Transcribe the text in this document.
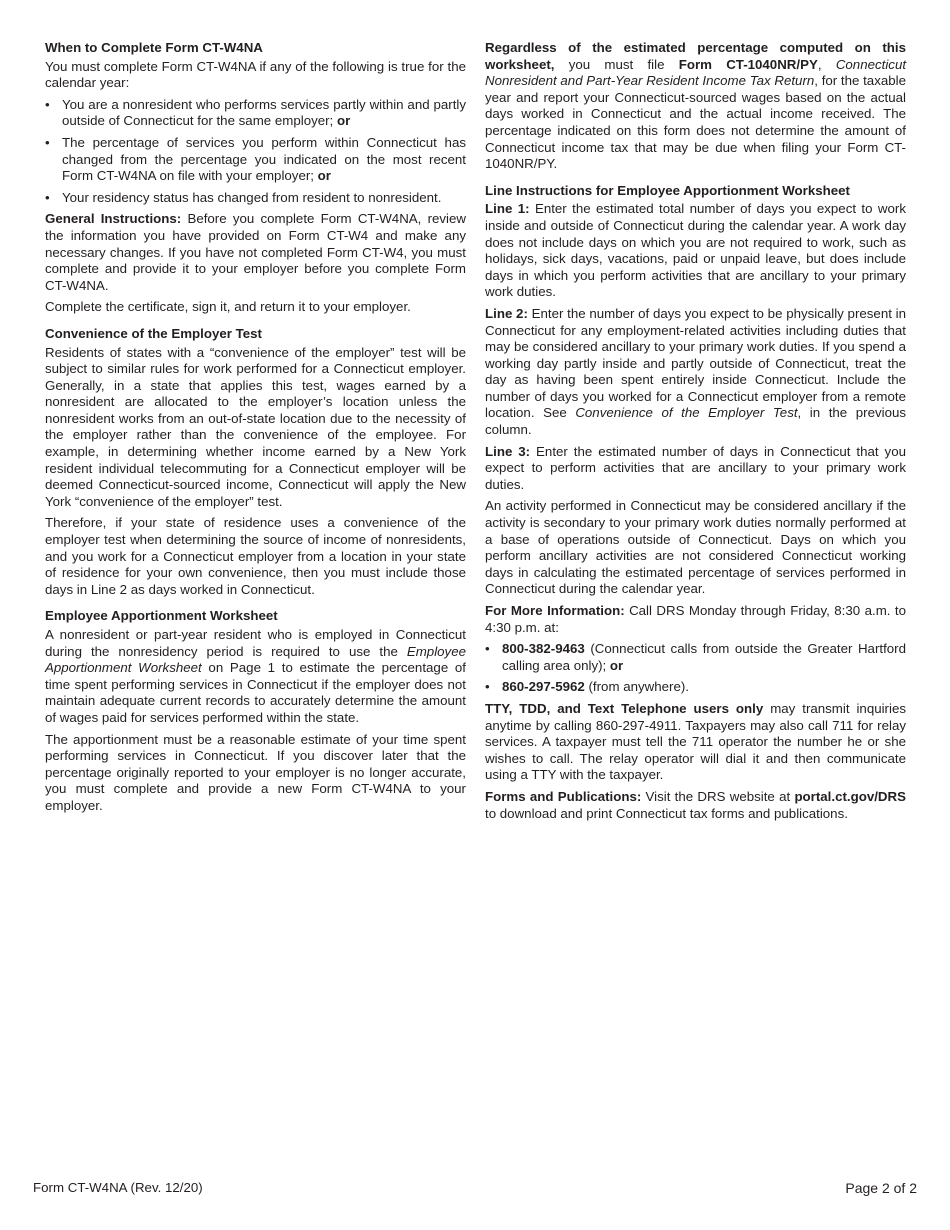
When to Complete Form CT-W4NA

You must complete Form CT-W4NA if any of the following is true for the calendar year:

• You are a nonresident who performs services partly within and partly outside of Connecticut for the same employer; or
• The percentage of services you perform within Connecticut has changed from the percentage you indicated on the most recent Form CT-W4NA on file with your employer; or
• Your residency status has changed from resident to nonresident.

General Instructions: Before you complete Form CT-W4NA, review the information you have provided on Form CT-W4 and make any necessary changes. If you have not completed Form CT-W4, you must complete and provide it to your employer before you complete Form CT-W4NA.

Complete the certificate, sign it, and return it to your employer.

Convenience of the Employer Test

Residents of states with a “convenience of the employer” test will be subject to similar rules for work performed for a Connecticut employer. Generally, in a state that applies this test, wages earned by a nonresident are allocated to the employer’s location unless the nonresident works from an out-of-state location due to the necessity of the employer rather than the convenience of the employee. For example, in determining whether income earned by a New York resident individual telecommuting for a Connecticut employer will be deemed Connecticut-sourced income, Connecticut will apply the New York “convenience of the employer” test.

Therefore, if your state of residence uses a convenience of the employer test when determining the source of income of nonresidents, and you work for a Connecticut employer from a location in your state of residence for your own convenience, then you must include those days in Line 2 as days worked in Connecticut.

Employee Apportionment Worksheet

A nonresident or part-year resident who is employed in Connecticut during the nonresidency period is required to use the Employee Apportionment Worksheet on Page 1 to estimate the percentage of time spent performing services in Connecticut if the employer does not maintain adequate current records to accurately determine the amount of wages paid for services performed within the state.

The apportionment must be a reasonable estimate of your time spent performing services in Connecticut. If you discover later that the percentage originally reported to your employer is no longer accurate, you must complete and provide a new Form CT-W4NA to your employer.

Regardless of the estimated percentage computed on this worksheet, you must file Form CT-1040NR/PY, Connecticut Nonresident and Part-Year Resident Income Tax Return, for the taxable year and report your Connecticut-sourced wages based on the actual days worked in Connecticut and the actual income received. The percentage indicated on this form does not determine the amount of Connecticut income tax that may be due when filing your Form CT-1040NR/PY.

Line Instructions for Employee Apportionment Worksheet

Line 1: Enter the estimated total number of days you expect to work inside and outside of Connecticut during the calendar year. A work day does not include days on which you are not required to work, such as holidays, sick days, vacations, paid or unpaid leave, but does include days in which you perform activities that are ancillary to your primary work duties.

Line 2: Enter the number of days you expect to be physically present in Connecticut for any employment-related activities including duties that may be considered ancillary to your primary work duties. If you spend a working day partly inside and partly outside of Connecticut, treat the day as having been spent entirely inside Connecticut. Include the number of days you worked for a Connecticut employer from a remote location. See Convenience of the Employer Test, in the previous column.

Line 3: Enter the estimated number of days in Connecticut that you expect to perform activities that are ancillary to your primary work duties.

An activity performed in Connecticut may be considered ancillary if the activity is secondary to your primary work duties normally performed at a base of operations outside of Connecticut. Days on which you perform ancillary activities are not considered Connecticut working days in calculating the estimated percentage of services performed in Connecticut during the calendar year.

For More Information: Call DRS Monday through Friday, 8:30 a.m. to 4:30 p.m. at:

• 800-382-9463 (Connecticut calls from outside the Greater Hartford calling area only); or
• 860-297-5962 (from anywhere).

TTY, TDD, and Text Telephone users only may transmit inquiries anytime by calling 860-297-4911. Taxpayers may also call 711 for relay services. A taxpayer must tell the 711 operator the number he or she wishes to call. The relay operator will dial it and then communicate using a TTY with the taxpayer.

Forms and Publications: Visit the DRS website at portal.ct.gov/DRS to download and print Connecticut tax forms and publications.

Form CT-W4NA (Rev. 12/20)	Page 2 of 2
